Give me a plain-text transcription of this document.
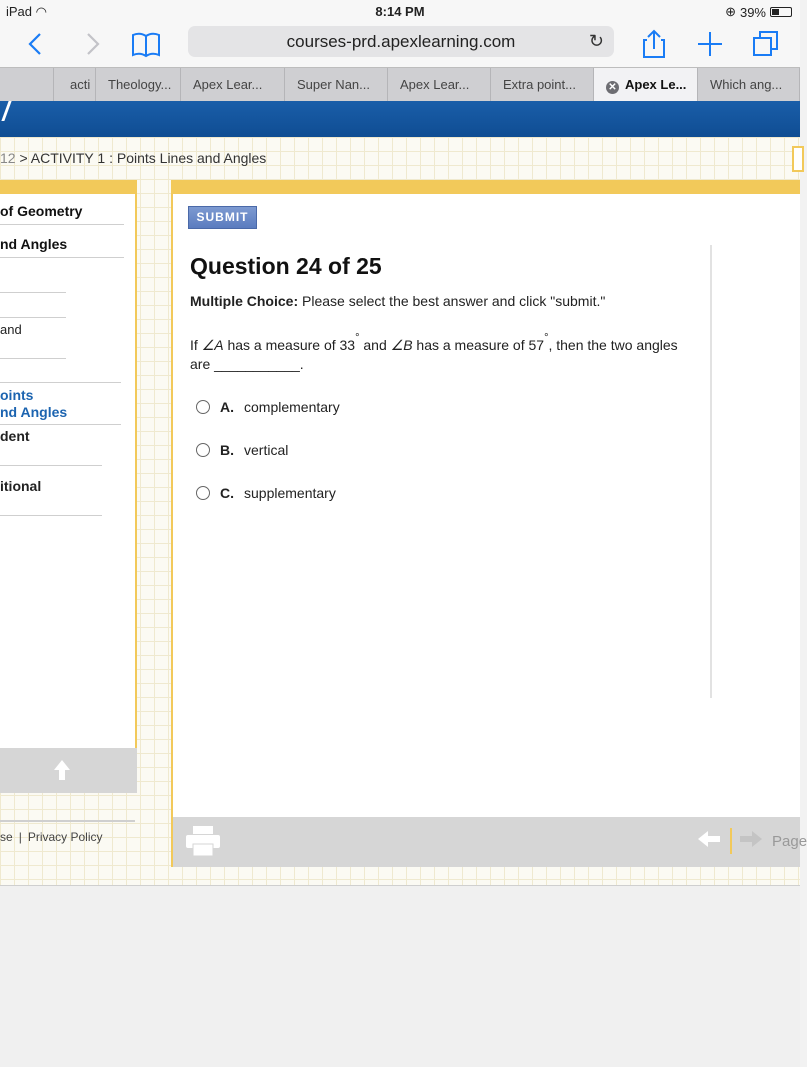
iPad ◠	8:14 PM	⊕ 39%
courses-prd.apexlearning.com	↻
acti	Theology...	Apex Lear...	Super Nan...	Apex Lear...	Extra point...	✕ Apex Le...	Which ang...
12 > ACTIVITY 1 : Points Lines and Angles
of Geometry
nd Angles
and
oints
nd Angles
dent
itional
se | Privacy Policy
SUBMIT
Question 24 of 25
Multiple Choice: Please select the best answer and click "submit."
If ∠A has a measure of 33° and ∠B has a measure of 57°, then the two angles are ___________.
A. complementary
B. vertical
C. supplementary
Page
